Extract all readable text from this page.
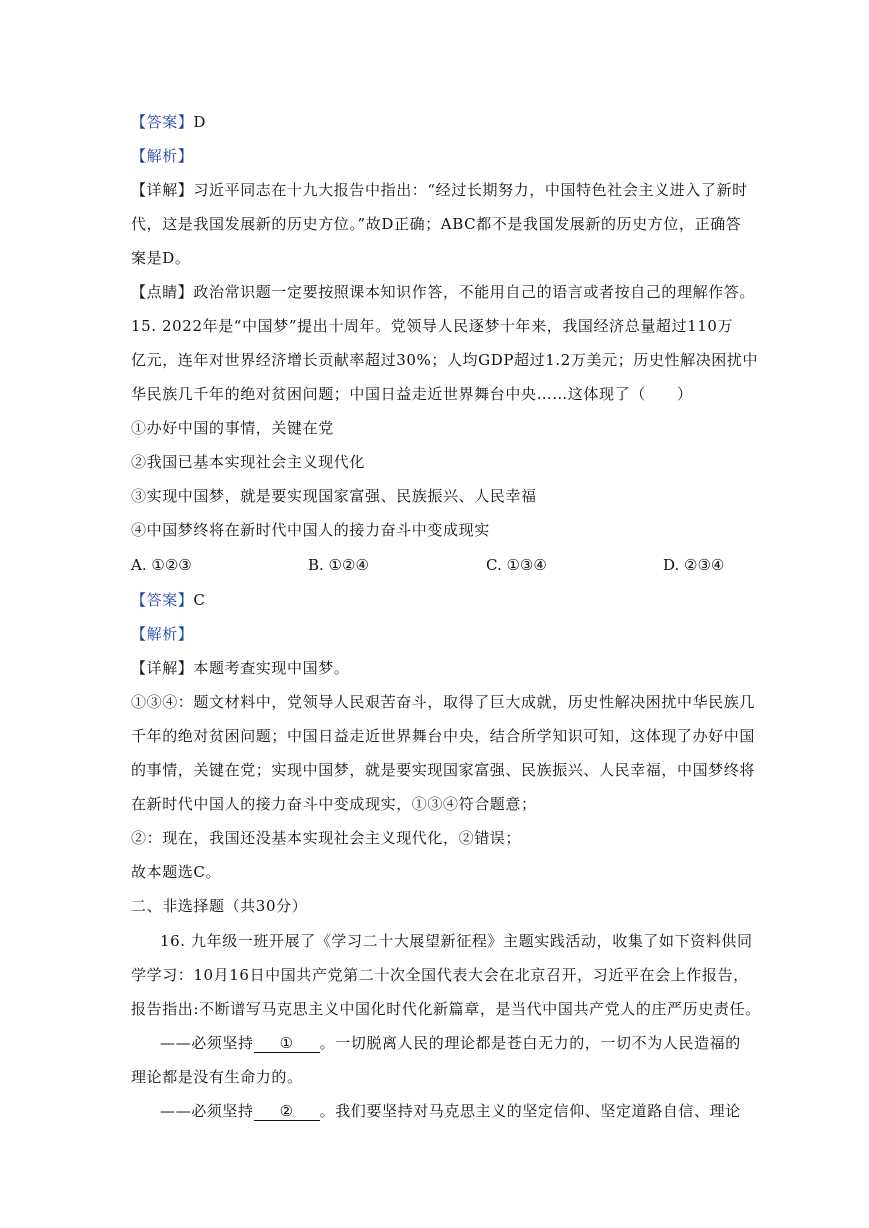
【答案】D
【解析】
【详解】习近平同志在十九大报告中指出：“经过长期努力，中国特色社会主义进入了新时
代，这是我国发展新的历史方位。”故D正确；ABC都不是我国发展新的历史方位，正确答
案是D。
【点睛】政治常识题一定要按照课本知识作答，不能用自己的语言或者按自己的理解作答。
15. 2022年是“中国梦”提出十周年。党领导人民逐梦十年来，我国经济总量超过110万
亿元，连年对世界经济增长贡献率超过30%；人均GDP超过1.2万美元；历史性解决困扰中
华民族几千年的绝对贫困问题；中国日益走近世界舞台中央……这体现了（　　）
①办好中国的事情，关键在党
②我国已基本实现社会主义现代化
③实现中国梦，就是要实现国家富强、民族振兴、人民幸福
④中国梦终将在新时代中国人的接力奋斗中变成现实
A. ①②③	B. ①②④	C. ①③④	D. ②③④
【答案】C
【解析】
【详解】本题考查实现中国梦。
①③④：题文材料中，党领导人民艰苦奋斗，取得了巨大成就，历史性解决困扰中华民族几
千年的绝对贫困问题；中国日益走近世界舞台中央，结合所学知识可知，这体现了办好中国
的事情，关键在党；实现中国梦，就是要实现国家富强、民族振兴、人民幸福，中国梦终将
在新时代中国人的接力奋斗中变成现实，①③④符合题意；
②：现在，我国还没基本实现社会主义现代化，②错误；
故本题选C。
二、非选择题（共30分）
16. 九年级一班开展了《学习二十大展望新征程》主题实践活动，收集了如下资料供同
学学习：10月16日中国共产党第二十次全国代表大会在北京召开，习近平在会上作报告，
报告指出:不断谱写马克思主义中国化时代化新篇章，是当代中国共产党人的庄严历史责任。
——必须坚持 ① 。一切脱离人民的理论都是苍白无力的，一切不为人民造福的
理论都是没有生命力的。
——必须坚持 ② 。我们要坚持对马克思主义的坚定信仰、坚定道路自信、理论
